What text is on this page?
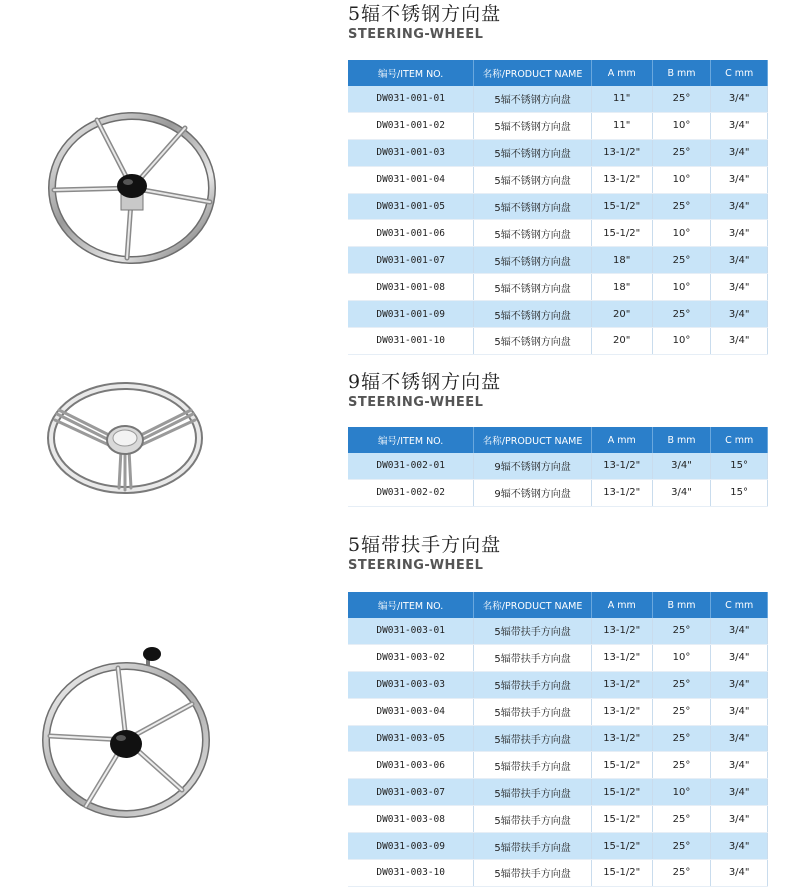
5辐不锈钢方向盘

STEERING-WHEEL

编号/ITEM NO.	名称/PRODUCT NAME	A mm	B mm	C mm
DW031-001-01	5辐不锈钢方向盘	11"	25°	3/4"
DW031-001-02	5辐不锈钢方向盘	11"	10°	3/4"
DW031-001-03	5辐不锈钢方向盘	13-1/2"	25°	3/4"
DW031-001-04	5辐不锈钢方向盘	13-1/2"	10°	3/4"
DW031-001-05	5辐不锈钢方向盘	15-1/2"	25°	3/4"
DW031-001-06	5辐不锈钢方向盘	15-1/2"	10°	3/4"
DW031-001-07	5辐不锈钢方向盘	18"	25°	3/4"
DW031-001-08	5辐不锈钢方向盘	18"	10°	3/4"
DW031-001-09	5辐不锈钢方向盘	20"	25°	3/4"
DW031-001-10	5辐不锈钢方向盘	20"	10°	3/4"

9辐不锈钢方向盘

STEERING-WHEEL

编号/ITEM NO.	名称/PRODUCT NAME	A mm	B mm	C mm
DW031-002-01	9辐不锈钢方向盘	13-1/2"	3/4"	15°
DW031-002-02	9辐不锈钢方向盘	13-1/2"	3/4"	15°

5辐带扶手方向盘

STEERING-WHEEL

编号/ITEM NO.	名称/PRODUCT NAME	A mm	B mm	C mm
DW031-003-01	5辐带扶手方向盘	13-1/2"	25°	3/4"
DW031-003-02	5辐带扶手方向盘	13-1/2"	10°	3/4"
DW031-003-03	5辐带扶手方向盘	13-1/2"	25°	3/4"
DW031-003-04	5辐带扶手方向盘	13-1/2"	25°	3/4"
DW031-003-05	5辐带扶手方向盘	13-1/2"	25°	3/4"
DW031-003-06	5辐带扶手方向盘	15-1/2"	25°	3/4"
DW031-003-07	5辐带扶手方向盘	15-1/2"	10°	3/4"
DW031-003-08	5辐带扶手方向盘	15-1/2"	25°	3/4"
DW031-003-09	5辐带扶手方向盘	15-1/2"	25°	3/4"
DW031-003-10	5辐带扶手方向盘	15-1/2"	25°	3/4"
